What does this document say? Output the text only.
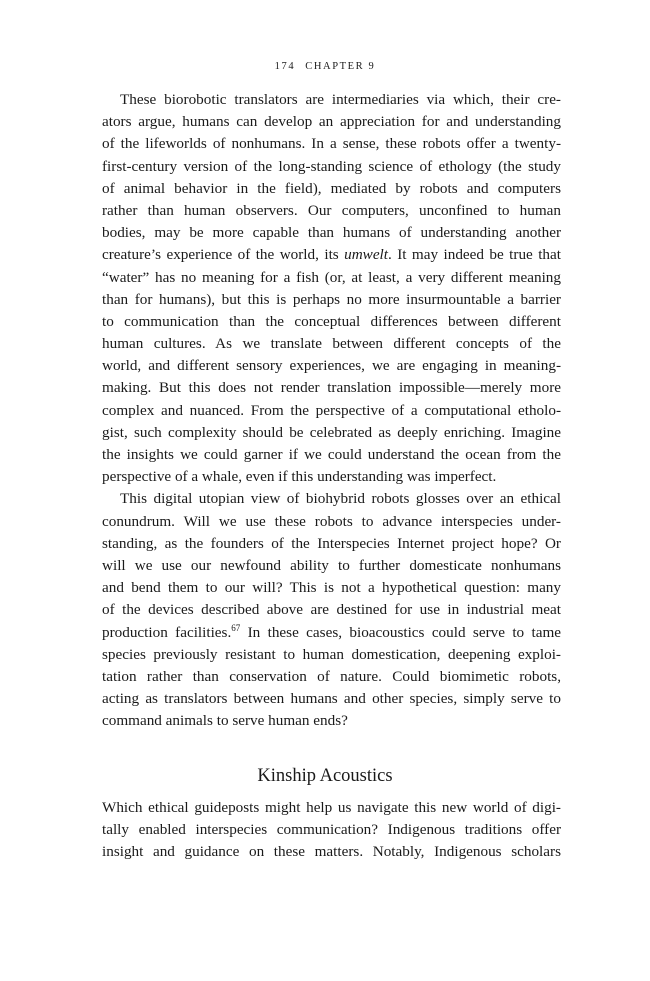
174 CHAPTER 9
These biorobotic translators are intermediaries via which, their cre-
ators argue, humans can develop an appreciation for and understanding
of the lifeworlds of nonhumans. In a sense, these robots offer a twenty-
first-century version of the long-standing science of ethology (the study
of animal behavior in the field), mediated by robots and computers
rather than human observers. Our computers, unconfined to human
bodies, may be more capable than humans of understanding another
creature’s experience of the world, its umwelt. It may indeed be true that
“water” has no meaning for a fish (or, at least, a very different meaning
than for humans), but this is perhaps no more insurmountable a barrier
to communication than the conceptual differences between different
human cultures. As we translate between different concepts of the
world, and different sensory experiences, we are engaging in meaning-
making. But this does not render translation impossible—merely more
complex and nuanced. From the perspective of a computational etholo-
gist, such complexity should be celebrated as deeply enriching. Imagine
the insights we could garner if we could understand the ocean from the
perspective of a whale, even if this understanding was imperfect.
This digital utopian view of biohybrid robots glosses over an ethical
conundrum. Will we use these robots to advance interspecies under-
standing, as the founders of the Interspecies Internet project hope? Or
will we use our newfound ability to further domesticate nonhumans
and bend them to our will? This is not a hypothetical question: many
of the devices described above are destined for use in industrial meat
production facilities.$^{67}$ In these cases, bioacoustics could serve to tame
species previously resistant to human domestication, deepening exploi-
tation rather than conservation of nature. Could biomimetic robots,
acting as translators between humans and other species, simply serve to
command animals to serve human ends?
Kinship Acoustics
Which ethical guideposts might help us navigate this new world of digi-
tally enabled interspecies communication? Indigenous traditions offer
insight and guidance on these matters. Notably, Indigenous scholars
